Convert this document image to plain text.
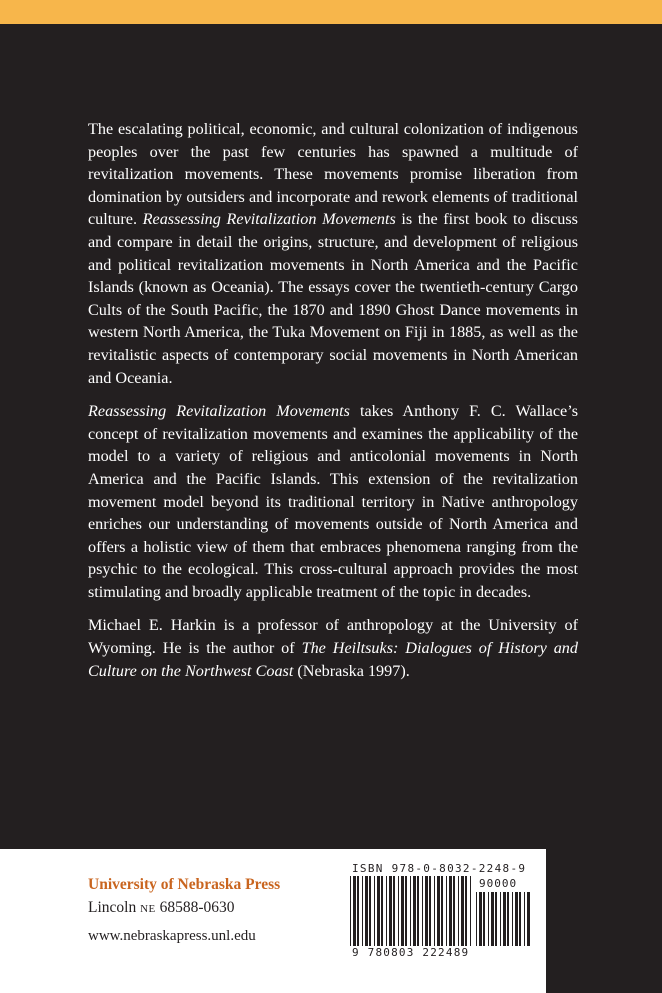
The escalating political, economic, and cultural colonization of indigenous peoples over the past few centuries has spawned a multitude of revitalization movements. These movements promise liberation from domination by outsiders and incorporate and rework elements of traditional culture. Reassessing Revitalization Movements is the first book to discuss and compare in detail the origins, structure, and development of religious and political revitalization movements in North America and the Pacific Islands (known as Oceania). The essays cover the twentieth-century Cargo Cults of the South Pacific, the 1870 and 1890 Ghost Dance movements in western North America, the Tuka Movement on Fiji in 1885, as well as the revitalistic aspects of contemporary social movements in North American and Oceania.

Reassessing Revitalization Movements takes Anthony F. C. Wallace’s concept of revitalization movements and examines the applicability of the model to a variety of religious and anticolonial movements in North America and the Pacific Islands. This extension of the revitalization movement model beyond its traditional territory in Native anthropology enriches our understanding of movements outside of North America and offers a holistic view of them that embraces phenomena ranging from the psychic to the ecological. This cross-cultural approach provides the most stimulating and broadly applicable treatment of the topic in decades.

Michael E. Harkin is a professor of anthropology at the University of Wyoming. He is the author of The Heiltsuks: Dialogues of History and Culture on the Northwest Coast (Nebraska 1997).

University of Nebraska Press
Lincoln NE 68588-0630
www.nebraskapress.unl.edu
ISBN 978-0-8032-2248-9
90000
9 780803 222489
